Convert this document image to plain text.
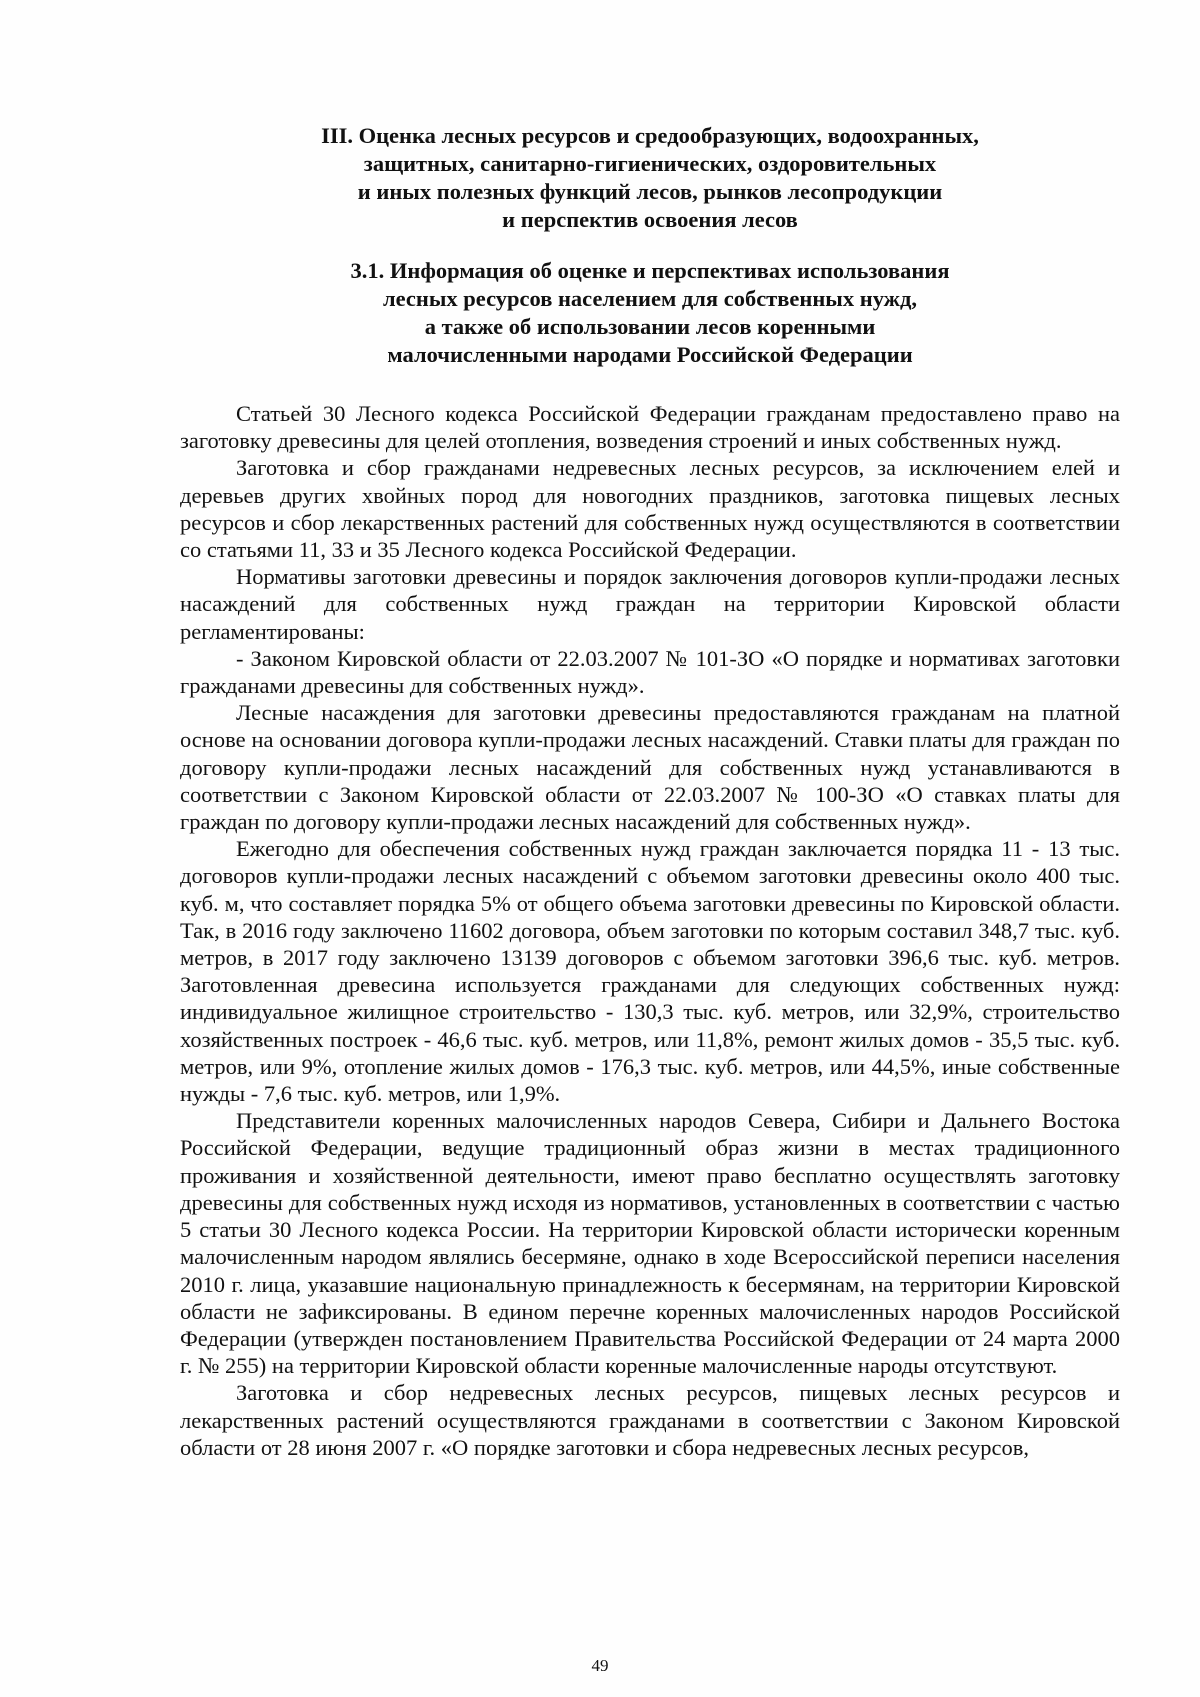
III. Оценка лесных ресурсов и средообразующих, водоохранных,
защитных, санитарно-гигиенических, оздоровительных
и иных полезных функций лесов, рынков лесопродукции
и перспектив освоения лесов
3.1. Информация об оценке и перспективах использования
лесных ресурсов населением для собственных нужд,
а также об использовании лесов коренными
малочисленными народами Российской Федерации

Статьей 30 Лесного кодекса Российской Федерации гражданам предоставлено право на заготовку древесины для целей отопления, возведения строений и иных собственных нужд.

Заготовка и сбор гражданами недревесных лесных ресурсов, за исключением елей и деревьев других хвойных пород для новогодних праздников, заготовка пищевых лесных ресурсов и сбор лекарственных растений для собственных нужд осуществляются в соответствии со статьями 11, 33 и 35 Лесного кодекса Российской Федерации.

Нормативы заготовки древесины и порядок заключения договоров купли-продажи лесных насаждений для собственных нужд граждан на территории Кировской области регламентированы:

- Законом Кировской области от 22.03.2007 № 101-ЗО «О порядке и нормативах заготовки гражданами древесины для собственных нужд».

Лесные насаждения для заготовки древесины предоставляются гражданам на платной основе на основании договора купли-продажи лесных насаждений. Ставки платы для граждан по договору купли-продажи лесных насаждений для собственных нужд устанавливаются в соответствии с Законом Кировской области от 22.03.2007 № 100-ЗО «О ставках платы для граждан по договору купли-продажи лесных насаждений для собственных нужд».

Ежегодно для обеспечения собственных нужд граждан заключается порядка 11 - 13 тыс. договоров купли-продажи лесных насаждений с объемом заготовки древесины около 400 тыс. куб. м, что составляет порядка 5% от общего объема заготовки древесины по Кировской области. Так, в 2016 году заключено 11602 договора, объем заготовки по которым составил 348,7 тыс. куб. метров, в 2017 году заключено 13139 договоров с объемом заготовки 396,6 тыс. куб. метров. Заготовленная древесина используется гражданами для следующих собственных нужд: индивидуальное жилищное строительство - 130,3 тыс. куб. метров, или 32,9%, строительство хозяйственных построек - 46,6 тыс. куб. метров, или 11,8%, ремонт жилых домов - 35,5 тыс. куб. метров, или 9%, отопление жилых домов - 176,3 тыс. куб. метров, или 44,5%, иные собственные нужды - 7,6 тыс. куб. метров, или 1,9%.

Представители коренных малочисленных народов Севера, Сибири и Дальнего Востока Российской Федерации, ведущие традиционный образ жизни в местах традиционного проживания и хозяйственной деятельности, имеют право бесплатно осуществлять заготовку древесины для собственных нужд исходя из нормативов, установленных в соответствии с частью 5 статьи 30 Лесного кодекса России. На территории Кировской области исторически коренным малочисленным народом являлись бесермяне, однако в ходе Всероссийской переписи населения 2010 г. лица, указавшие национальную принадлежность к бесермянам, на территории Кировской области не зафиксированы. В едином перечне коренных малочисленных народов Российской Федерации (утвержден постановлением Правительства Российской Федерации от 24 марта 2000 г. № 255) на территории Кировской области коренные малочисленные народы отсутствуют.

Заготовка и сбор недревесных лесных ресурсов, пищевых лесных ресурсов и лекарственных растений осуществляются гражданами в соответствии с Законом Кировской области от 28 июня 2007 г. «О порядке заготовки и сбора недревесных лесных ресурсов,

49
